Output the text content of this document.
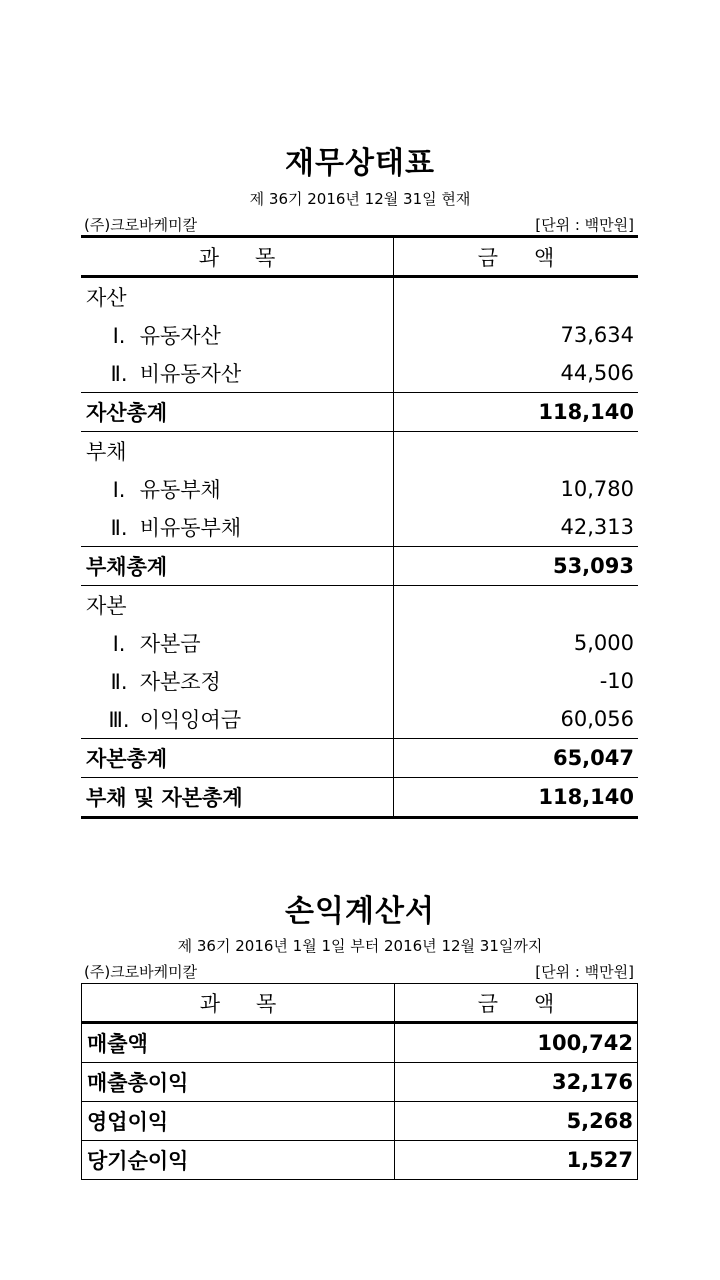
재무상태표
제 36기 2016년 12월 31일 현재
(주)크로바케미칼	[단위 : 백만원]
과 목	금 액
자산	
Ⅰ. 유동자산	73,634
Ⅱ. 비유동자산	44,506
자산총계	118,140
부채	
Ⅰ. 유동부채	10,780
Ⅱ. 비유동부채	42,313
부채총계	53,093
자본	
Ⅰ. 자본금	5,000
Ⅱ. 자본조정	-10
Ⅲ. 이익잉여금	60,056
자본총계	65,047
부채 및 자본총계	118,140
손익계산서
제 36기 2016년 1월 1일 부터 2016년 12월 31일까지
(주)크로바케미칼	[단위 : 백만원]
과 목	금 액
매출액	100,742
매출총이익	32,176
영업이익	5,268
당기순이익	1,527
